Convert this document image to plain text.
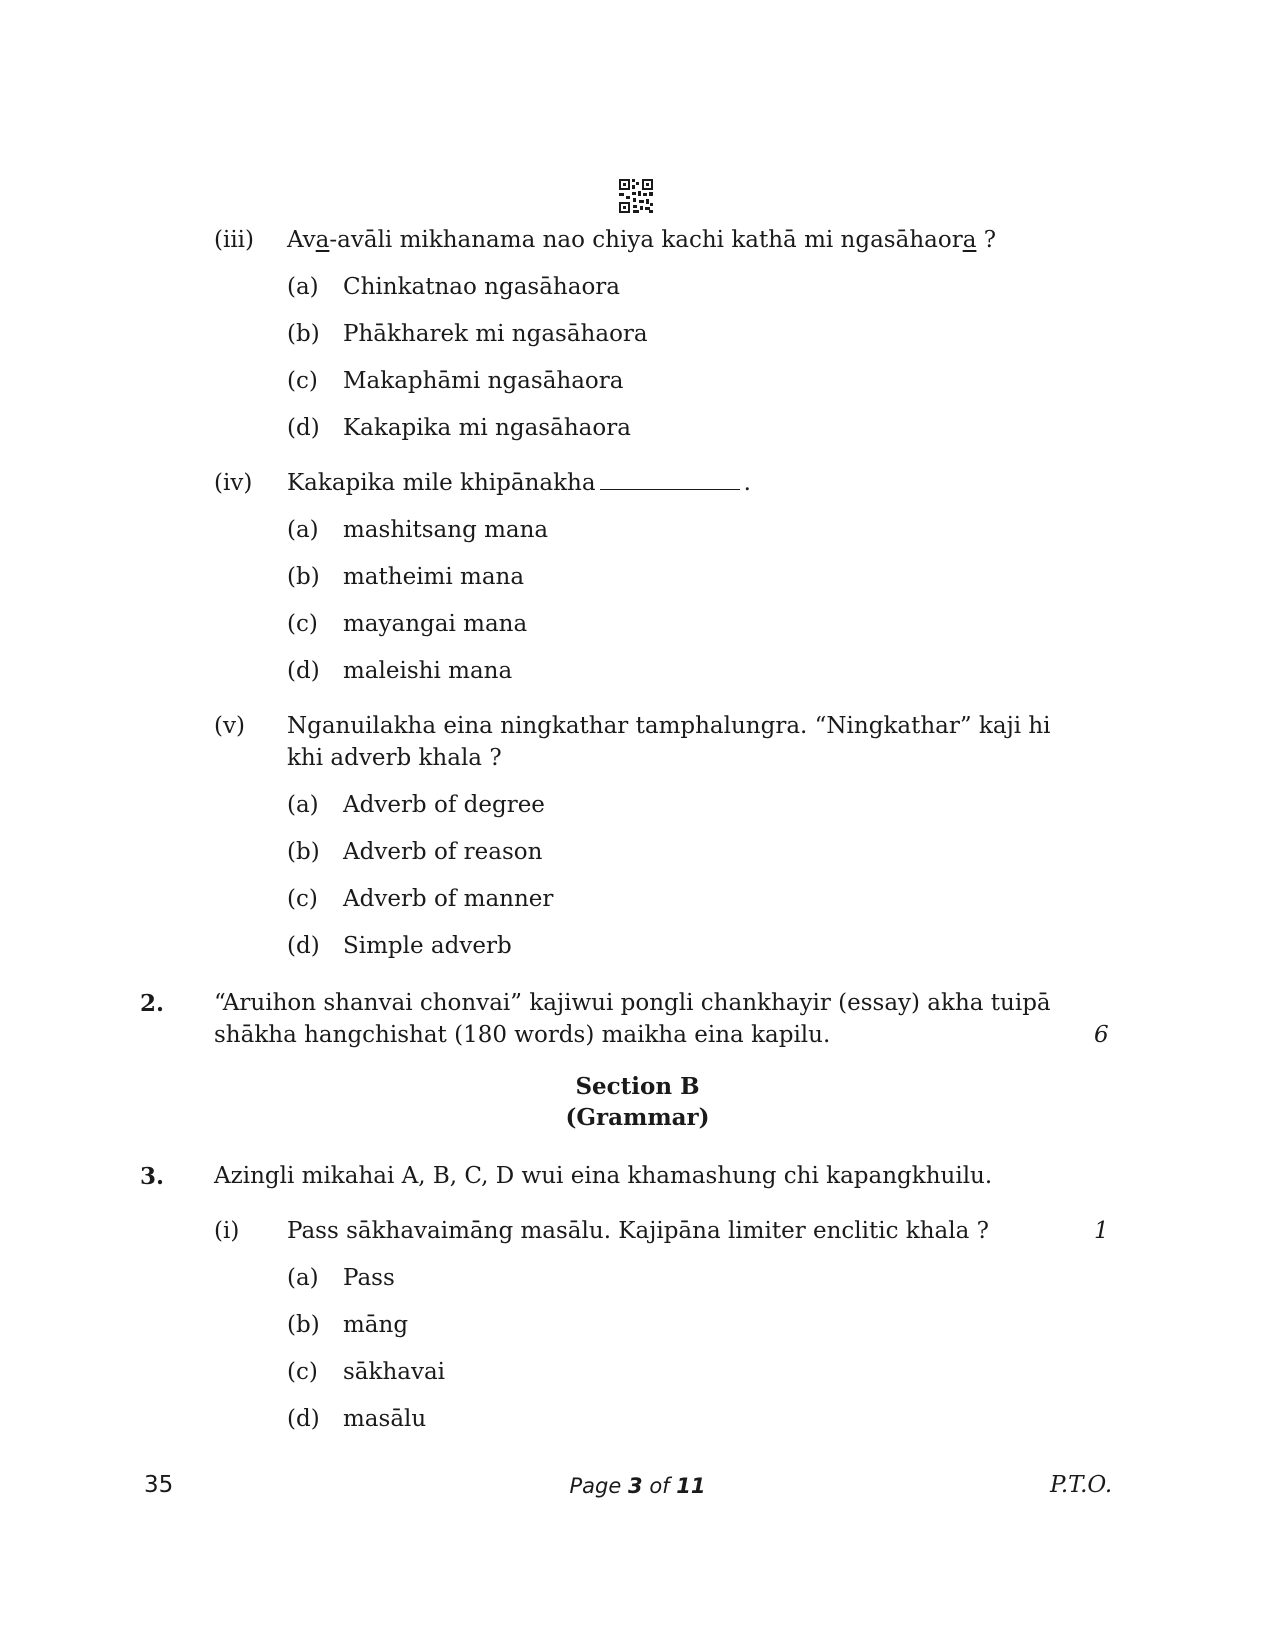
(iii) Ava-avāli mikhanama nao chiya kachi kathā mi ngasāhaora ?
(a) Chinkatnao ngasāhaora
(b) Phākharek mi ngasāhaora
(c) Makaphāmi ngasāhaora
(d) Kakapika mi ngasāhaora
(iv) Kakapika mile khipānakha	.
(a) mashitsang mana
(b) matheimi mana
(c) mayangai mana
(d) maleishi mana
(v) Nganuilakha eina ningkathar tamphalungra. “Ningkathar” kaji hi
khi adverb khala ?
(a) Adverb of degree
(b) Adverb of reason
(c) Adverb of manner
(d) Simple adverb
2. “Aruihon shanvai chonvai” kajiwui pongli chankhayir (essay) akha tuipā
shākha hangchishat (180 words) maikha eina kapilu.	6
Section B
(Grammar)
3. Azingli mikahai A, B, C, D wui eina khamashung chi kapangkhuilu.
(i) Pass sākhavaimāng masālu. Kajipāna limiter enclitic khala ?	1
(a) Pass
(b) māng
(c) sākhavai
(d) masālu
35	Page 3 of 11	P.T.O.
